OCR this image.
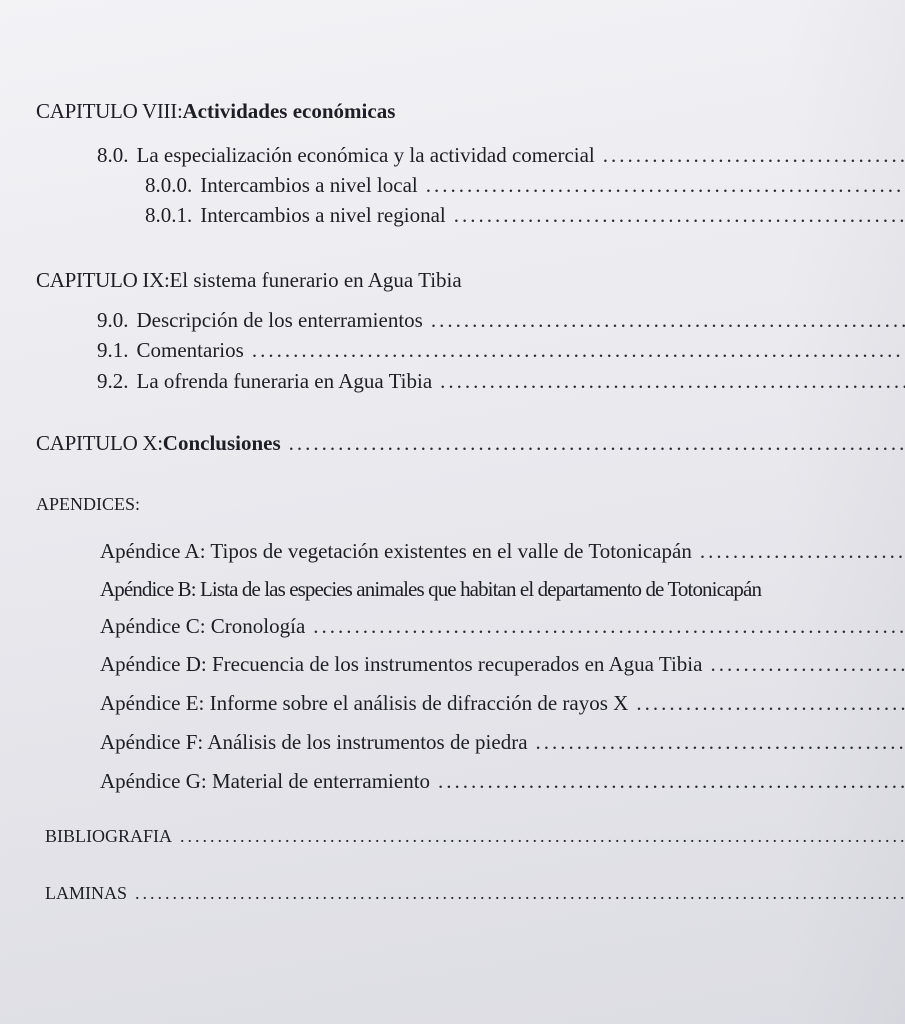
CAPITULO VIII: Actividades económicas
8.0. La especialización económica y la actividad comercial
.....
8.0.0. Intercambios a nivel local
.....
8.0.1. Intercambios a nivel regional
.....
CAPITULO IX: El sistema funerario en Agua Tibia
9.0. Descripción de los enterramientos
.....
9.1. Comentarios
.....
9.2. La ofrenda funeraria en Agua Tibia
.....
CAPITULO X: Conclusiones
.....
APENDICES:
Apéndice A: Tipos de vegetación existentes en el valle de Totonicapán
.....
Apéndice B: Lista de las especies animales que habitan el departamento de Totonicapán
Apéndice C: Cronología
.....
Apéndice D: Frecuencia de los instrumentos recuperados en Agua Tibia
.....
Apéndice E: Informe sobre el análisis de difracción de rayos X
.....
Apéndice F: Análisis de los instrumentos de piedra
.....
Apéndice G: Material de enterramiento
.....
BIBLIOGRAFIA
.....
LAMINAS
.....
